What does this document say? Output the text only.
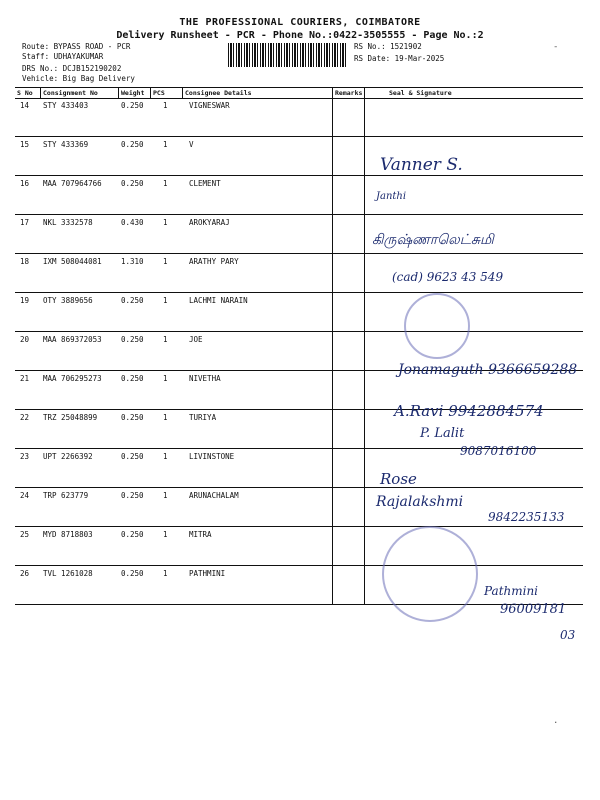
THE PROFESSIONAL COURIERS, COIMBATORE
Delivery Runsheet - PCR - Phone No.:0422-3505555 - Page No.:2
Route: BYPASS ROAD - PCR
Staff: UDHAYAKUMAR
DRS No.: DCJB152190202
Vehicle: Big Bag Delivery
RS No.: 1521902
RS Date: 19-Mar-2025
S No Consignment No	Weight PCS	Consignee Details	Remarks	Seal & Signature
14 STY 433403	0.250	1	VIGNESWAR
15 STY 433369	0.250	1	V
16 MAA 707964766	0.250	1	CLEMENT
17 NKL 3332578	0.430	1	AROKYARAJ
18 IXM 508044081	1.310	1	ARATHY PARY
19 OTY 3889656	0.250	1	LACHMI NARAIN
20 MAA 869372053	0.250	1	JOE
21 MAA 706295273	0.250	1	NIVETHA
22 TRZ 25048899	0.250	1	TURIYA
23 UPT 2266392	0.250	1	LIVINSTONE
24 TRP 623779	0.250	1	ARUNACHALAM
25 MYD 8718803	0.250	1	MITRA
26 TVL 1261028	0.250	1	PATHMINI
Vanner S.
Janthi
கிருஷ்ணாலெட்சுமி
(cad) 9623 43 549
Jonamaguth 9366659288
A.Ravi 9942884574
P. Lalit
9087016100
Rose
Rajalakshmi
9842235133
Pathmini
96009181
03
-
.
